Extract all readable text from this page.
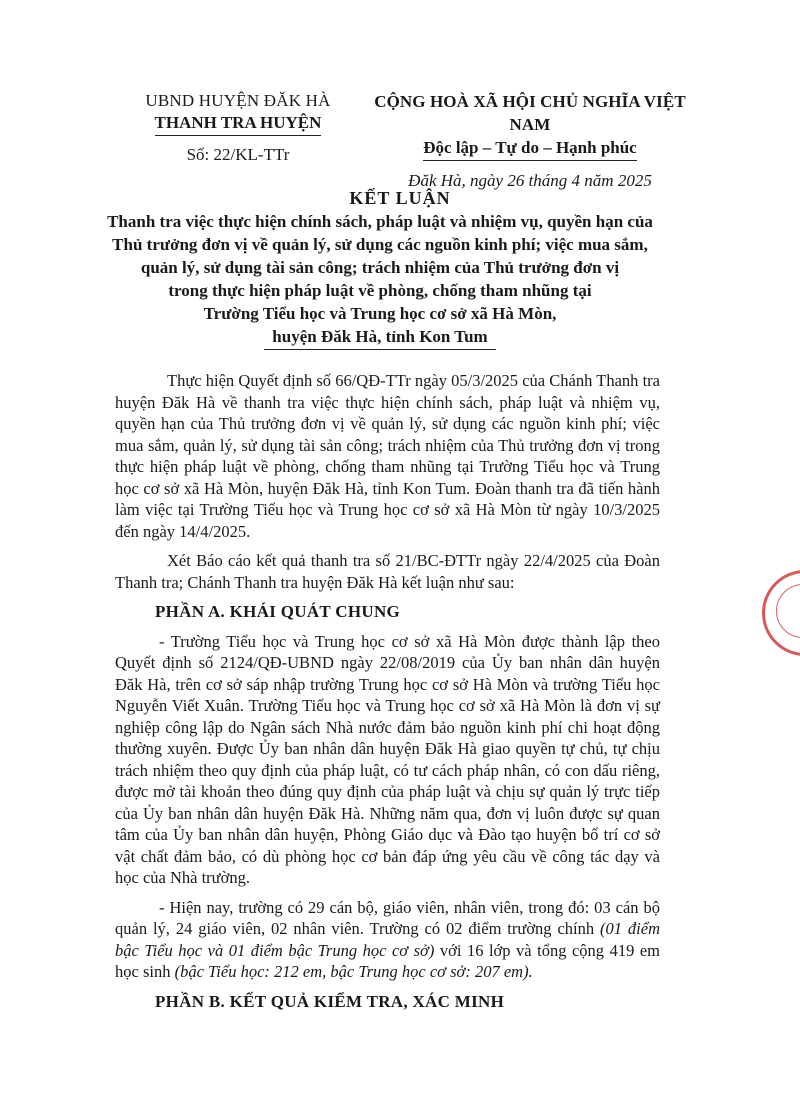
UBND HUYỆN ĐĂK HÀ
THANH TRA HUYỆN
Số: 22/KL-TTr
CỘNG HOÀ XÃ HỘI CHỦ NGHĨA VIỆT NAM
Độc lập – Tự do – Hạnh phúc
Đăk Hà, ngày 26 tháng 4 năm 2025
KẾT LUẬN
Thanh tra việc thực hiện chính sách, pháp luật và nhiệm vụ, quyền hạn của
Thủ trưởng đơn vị về quản lý, sử dụng các nguồn kinh phí; việc mua sắm,
quản lý, sử dụng tài sản công; trách nhiệm của Thủ trưởng đơn vị
trong thực hiện pháp luật về phòng, chống tham nhũng tại
Trường Tiểu học và Trung học cơ sở xã Hà Mòn,
huyện Đăk Hà, tỉnh Kon Tum

Thực hiện Quyết định số 66/QĐ-TTr ngày 05/3/2025 của Chánh Thanh tra huyện Đăk Hà về thanh tra việc thực hiện chính sách, pháp luật và nhiệm vụ, quyền hạn của Thủ trưởng đơn vị về quản lý, sử dụng các nguồn kinh phí; việc mua sắm, quản lý, sử dụng tài sản công; trách nhiệm của Thủ trưởng đơn vị trong thực hiện pháp luật về phòng, chống tham nhũng tại Trường Tiểu học và Trung học cơ sở xã Hà Mòn, huyện Đăk Hà, tỉnh Kon Tum. Đoàn thanh tra đã tiến hành làm việc tại Trường Tiểu học và Trung học cơ sở xã Hà Mòn từ ngày 10/3/2025 đến ngày 14/4/2025.

Xét Báo cáo kết quả thanh tra số 21/BC-ĐTTr ngày 22/4/2025 của Đoàn Thanh tra; Chánh Thanh tra huyện Đăk Hà kết luận như sau:

PHẦN A. KHÁI QUÁT CHUNG

- Trường Tiểu học và Trung học cơ sở xã Hà Mòn được thành lập theo Quyết định số 2124/QĐ-UBND ngày 22/08/2019 của Ủy ban nhân dân huyện Đăk Hà, trên cơ sở sáp nhập trường Trung học cơ sở Hà Mòn và trường Tiểu học Nguyễn Viết Xuân. Trường Tiểu học và Trung học cơ sở xã Hà Mòn là đơn vị sự nghiệp công lập do Ngân sách Nhà nước đảm bảo nguồn kinh phí chi hoạt động thường xuyên. Được Ủy ban nhân dân huyện Đăk Hà giao quyền tự chủ, tự chịu trách nhiệm theo quy định của pháp luật, có tư cách pháp nhân, có con dấu riêng, được mở tài khoản theo đúng quy định của pháp luật và chịu sự quản lý trực tiếp của Ủy ban nhân dân huyện Đăk Hà. Những năm qua, đơn vị luôn được sự quan tâm của Ủy ban nhân dân huyện, Phòng Giáo dục và Đào tạo huyện bố trí cơ sở vật chất đảm bảo, có dù phòng học cơ bản đáp ứng yêu cầu về công tác dạy và học của Nhà trường.

- Hiện nay, trường có 29 cán bộ, giáo viên, nhân viên, trong đó: 03 cán bộ quản lý, 24 giáo viên, 02 nhân viên. Trường có 02 điểm trường chính (01 điểm bậc Tiểu học và 01 điểm bậc Trung học cơ sở) với 16 lớp và tổng cộng 419 em học sinh (bậc Tiểu học: 212 em, bậc Trung học cơ sở: 207 em).

PHẦN B. KẾT QUẢ KIỂM TRA, XÁC MINH
